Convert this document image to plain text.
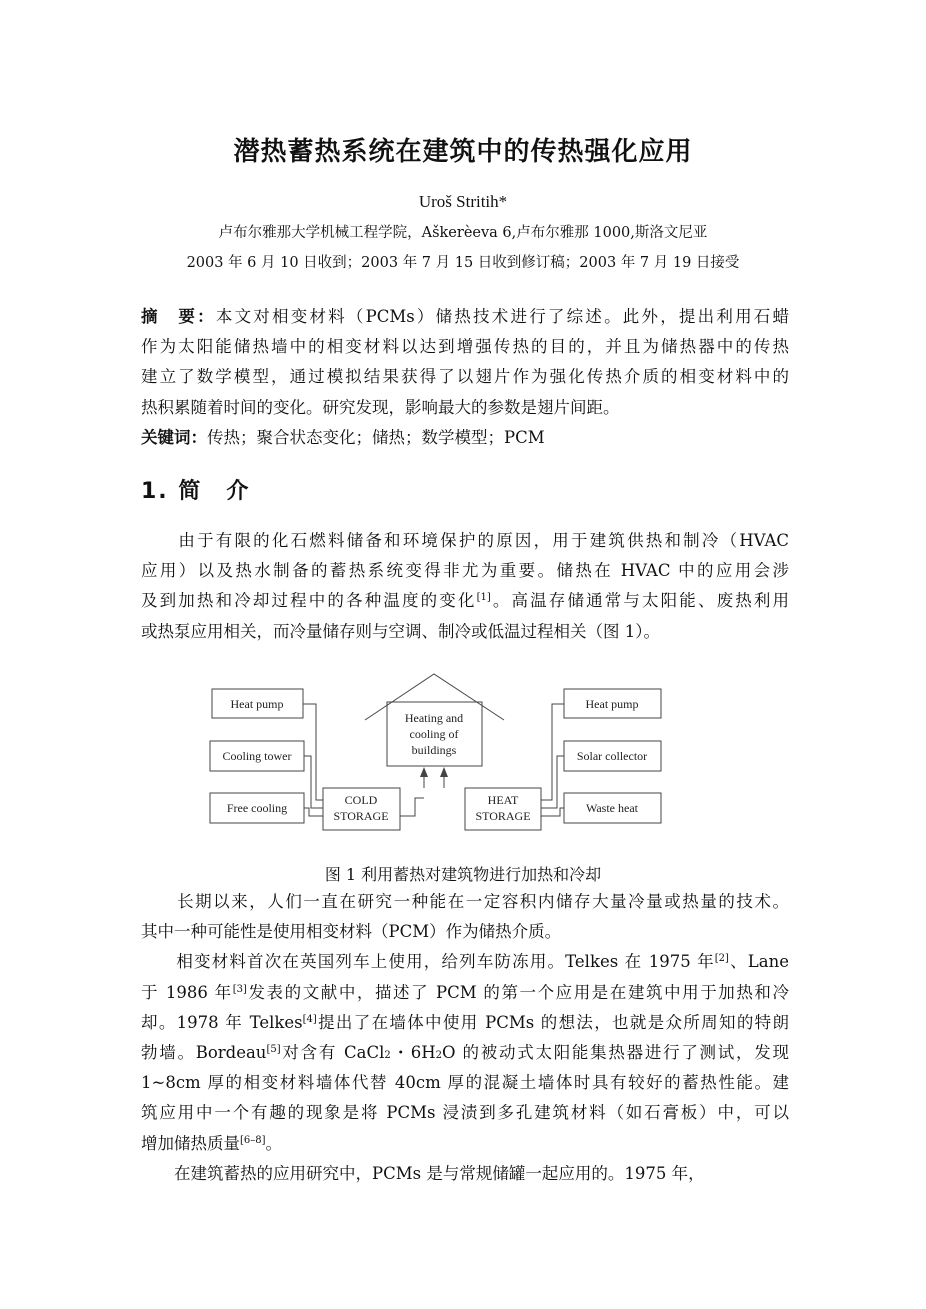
潜热蓄热系统在建筑中的传热强化应用
Uroš Stritih*
卢布尔雅那大学机械工程学院，Aškerèeva 6,卢布尔雅那 1000,斯洛文尼亚
2003 年 6 月 10 日收到；2003 年 7 月 15 日收到修订稿；2003 年 7 月 19 日接受
摘　要：本文对相变材料（PCMs）储热技术进行了综述。此外，提出利用石蜡
作为太阳能储热墙中的相变材料以达到增强传热的目的，并且为储热器中的传热
建立了数学模型，通过模拟结果获得了以翅片作为强化传热介质的相变材料中的
热积累随着时间的变化。研究发现，影响最大的参数是翅片间距。
关键词：传热；聚合状态变化；储热；数学模型；PCM
1. 简　介
　　由于有限的化石燃料储备和环境保护的原因，用于建筑供热和制冷（HVAC
应用）以及热水制备的蓄热系统变得非尤为重要。储热在 HVAC 中的应用会涉
及到加热和冷却过程中的各种温度的变化[1]。高温存储通常与太阳能、废热利用
或热泵应用相关，而冷量储存则与空调、制冷或低温过程相关（图 1）。
Heat pump
Cooling tower
Free cooling
Heat pump
Solar collector
Waste heat
Heating and
cooling of
buildings
COLD
STORAGE
HEAT
STORAGE
图 1 利用蓄热对建筑物进行加热和冷却
　　长期以来，人们一直在研究一种能在一定容积内储存大量冷量或热量的技术。
其中一种可能性是使用相变材料（PCM）作为储热介质。
　　相变材料首次在英国列车上使用，给列车防冻用。Telkes 在 1975 年[2]、Lane
于 1986 年[3]发表的文献中，描述了 PCM 的第一个应用是在建筑中用于加热和冷
却。1978 年 Telkes[4]提出了在墙体中使用 PCMs 的想法，也就是众所周知的特朗
勃墙。Bordeau[5]对含有 CaCl$_2$・$6H_2O$ 的被动式太阳能集热器进行了测试，发现
1~8cm 厚的相变材料墙体代替 40cm 厚的混凝土墙体时具有较好的蓄热性能。建
筑应用中一个有趣的现象是将 PCMs 浸渍到多孔建筑材料（如石膏板）中，可以
增加储热质量[6–8]。
　　在建筑蓄热的应用研究中，PCMs 是与常规储罐一起应用的。1975 年，
